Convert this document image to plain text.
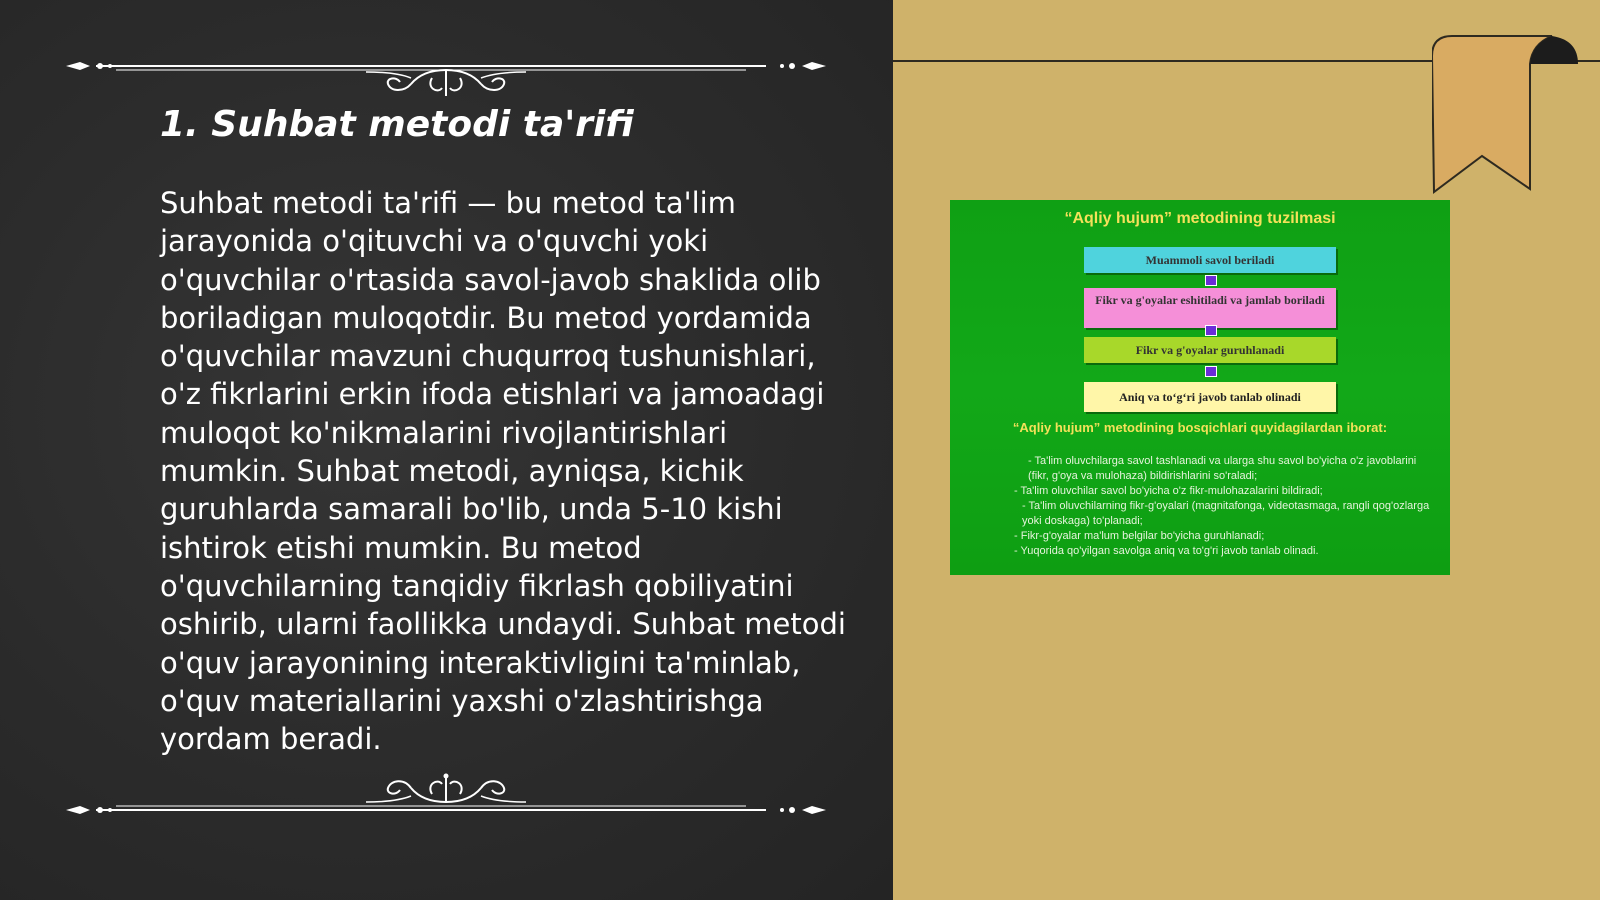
1. Suhbat metodi ta'rifi

Suhbat metodi ta'rifi — bu metod ta'lim jarayonida o'qituvchi va o'quvchi yoki o'quvchilar o'rtasida savol-javob shaklida olib boriladigan muloqotdir. Bu metod yordamida o'quvchilar mavzuni chuqurroq tushunishlari, o'z fikrlarini erkin ifoda etishlari va jamoadagi muloqot ko'nikmalarini rivojlantirishlari mumkin. Suhbat metodi, ayniqsa, kichik guruhlarda samarali bo'lib, unda 5-10 kishi ishtirok etishi mumkin. Bu metod o'quvchilarning tanqidiy fikrlash qobiliyatini oshirib, ularni faollikka undaydi. Suhbat metodi o'quv jarayonining interaktivligini ta'minlab, o'quv materiallarini yaxshi o'zlashtirishga yordam beradi.

“Aqliy hujum” metodining tuzilmasi
Muammoli savol beriladi
Fikr va g'oyalar eshitiladi va jamlab boriladi
Fikr va g'oyalar guruhlanadi
Aniq va to‘g‘ri javob tanlab olinadi
“Aqliy hujum” metodining bosqichlari quyidagilardan iborat:

- Ta'lim oluvchilarga savol tashlanadi va ularga shu savol bo'yicha o'z javoblarini (fikr, g'oya va mulohaza) bildirishlarini so'raladi;

- Ta'lim oluvchilar savol bo'yicha o'z fikr-mulohazalarini bildiradi;

- Ta'lim oluvchilarning fikr-g'oyalari (magnitafonga, videotasmaga, rangli qog'ozlarga yoki doskaga) to'planadi;

- Fikr-g'oyalar ma'lum belgilar bo'yicha guruhlanadi;

- Yuqorida qo'yilgan savolga aniq va to'g'ri javob tanlab olinadi.
